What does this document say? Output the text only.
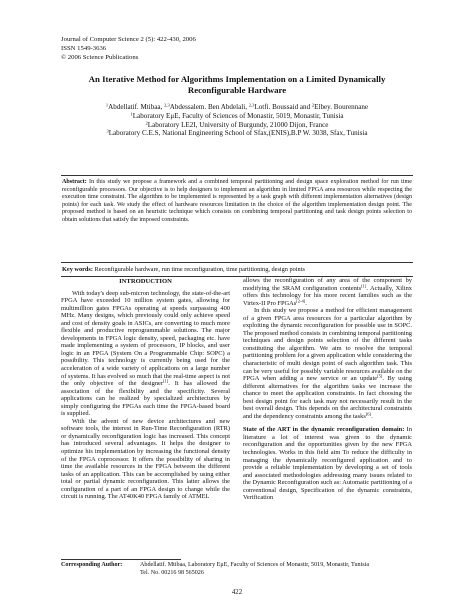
Journal of Computer Science 2 (5): 422-430, 2006
ISSN 1549-3636
© 2006 Science Publications
An Iterative Method for Algorithms Implementation on a Limited Dynamically
Reconfigurable Hardware
$^1$Abdellatif. Mtibaa, $^{2,3}$Abdessalem. Ben Abdelali, $^{2,3}$Lotfi. Boussaid and $^2$Elbey. Bourennane
$^1$Laboratory EμE, Faculty of Sciences of Monastir, 5019, Monastir, Tunisia
$^2$Laboratory LE2I, University of Burgundy, 21000 Dijon, France
$^3$Laboratory C.E.S, National Engineering School of Sfax,(ENIS),B.P W. 3038, Sfax, Tunisia
Abstract: In this study we propose a framework and a combined temporal partitioning and design space exploration method for run time reconfigurable processors. Our objective is to help designers to implement an algorithm in limited FPGA area resources while respecting the execution time constraint. The algorithm to be implemented is represented by a task graph with different implementation alternatives (design points) for each task. We study the effect of hardware resources limitation in the choice of the algorithm implementation design point. The proposed method is based on an heuristic technique which consists on combining temporal partitioning and task design points selection to obtain solutions that satisfy the imposed constraints.
Key words: Reconfigurable hardware, run time reconfiguration, time partitioning, design points

INTRODUCTION

With today's deep sub-micron technology, the state-of-the-art FPGA have exceeded 10 million system gates, allowing for multimillion gates FPGAs operating at speeds surpassing 400 MHz. Many designs, which previously could only achieve speed and cost of density goals in ASICs, are converting to much more flexible and productive reprogrammable solutions. The major developments in FPGA logic density, speed, packaging etc. have made implementing a system of processors, IP blocks, and user logic in an FPGA (System On a Programmable Chip: SOPC) a possibility. This technology is currently being used for the acceleration of a wide variety of applications on a large number of systems. It has evolved so much that the real-time aspect is not the only objective of the designer[1]. It has allowed the association of the flexibility and the specificity. Several applications can be realized by specialized architectures by simply configuring the FPGAs each time the FPGA-based board is supplied.

With the advent of new device architectures and new software tools, the interest in Run-Time Reconfiguration (RTR) or dynamically reconfiguration logic has increased. This concept has introduced several advantages. It helps the designer to optimize his implementation by increasing the functional density of the FPGA coprocessor. It offers the possibility of sharing in time the available resources in the FPGA between the different tasks of an application. This can be accomplished by using either total or partial dynamic reconfiguration. This latter allows the configuration of a part of an FPGA design to change while the circuit is running. The AT40K40 FPGA family of ATMEL

allows the reconfiguration of any area of the component by modifying the SRAM configuration contents[1]. Actually, Xilinx offers this technology for his more recent families such as the Virtex-II Pro FPGAs[2-4].

In this study we propose a method for efficient management of a given FPGA area resources for a particular algorithm by exploiting the dynamic reconfiguration for possible use in SOPC. The proposed method consists in combining temporal partitioning techniques and design points selection of the different tasks constituting the algorithm. We aim to resolve the temporal partitioning problem for a given application while considering the characteristic of multi design point of each algorithm task. This can be very useful for possibly variable resources available on the FPGA when adding a new service or an update[5]. By using different alternatives for the algorithm tasks we increase the chance to meet the application constraints. In fact choosing the best design point for each task may not necessarily result in the best overall design. This depends on the architectural constraints and the dependency constraints among the tasks[6].

State of the ART in the dynamic reconfiguration domain: In literature a lot of interest was given to the dynamic reconfiguration and the opportunities given by the new FPGA technologies. Works in this field aim To reduce the difficulty in managing the dynamically reconfigured application and to provide a reliable implementation by developing a set of tools and associated methodologies addressing many issues related to the Dynamic Reconfiguration such as: Automatic partitioning of a conventional design, Specification of the dynamic constraints, Verification

Corresponding Author:	Abdellatif. Mtibaa, Laboratory EμE, Faculty of Sciences of Monastir, 5019, Monastir, Tunisia
Tel. No. 00216 98 565026
422
